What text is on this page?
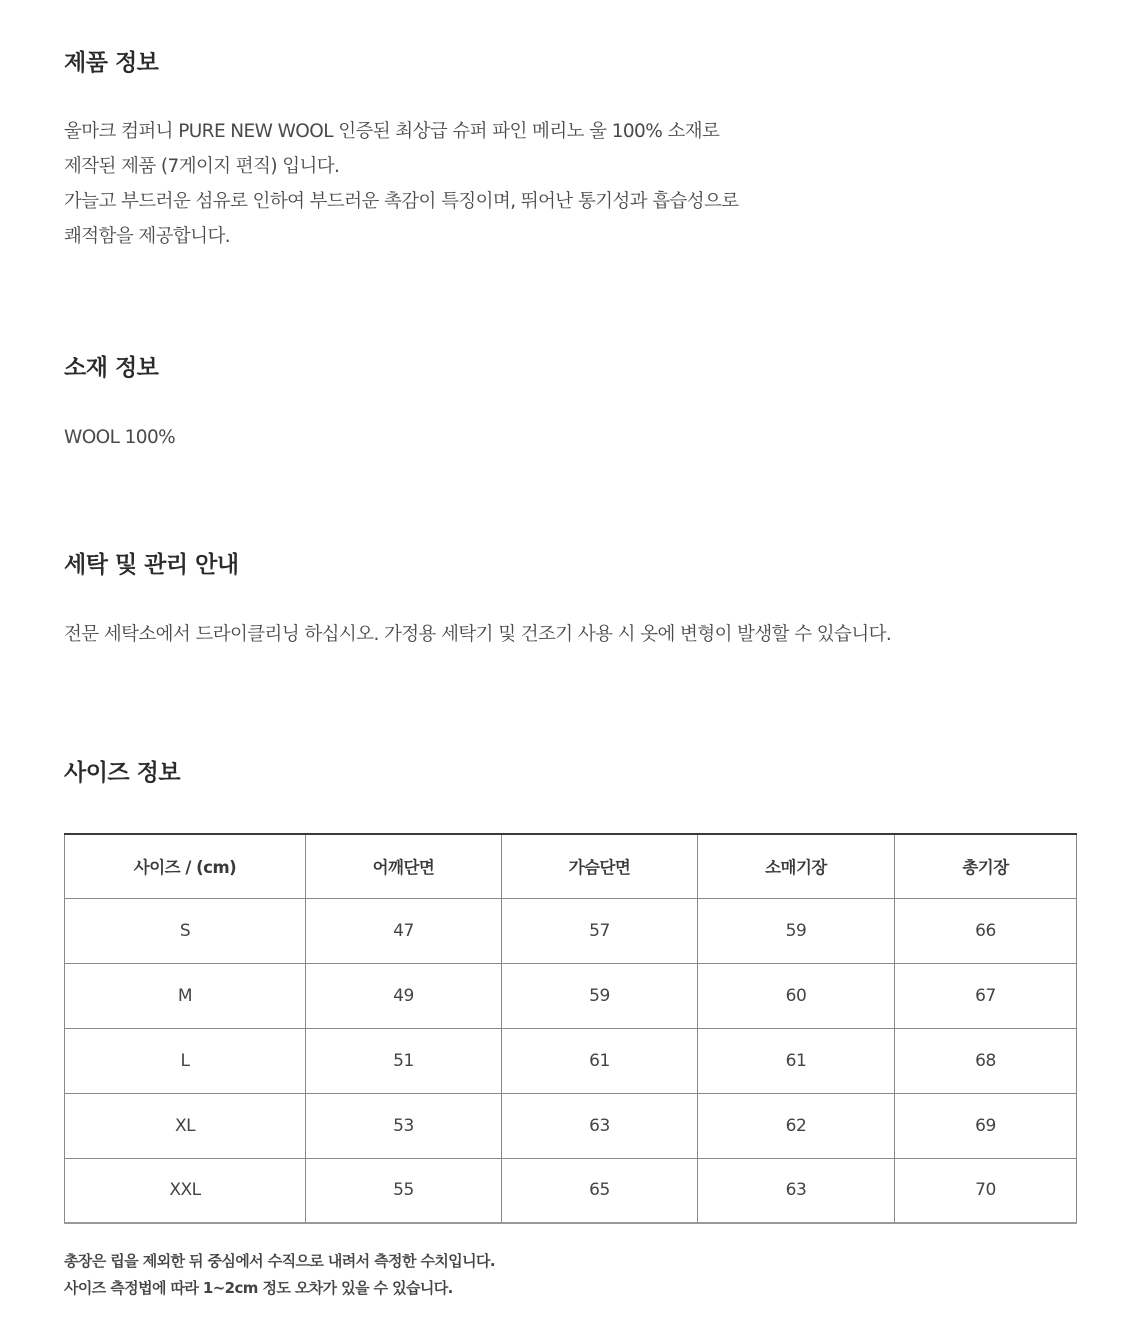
제품 정보

울마크 컴퍼니 PURE NEW WOOL 인증된 최상급 슈퍼 파인 메리노 울 100% 소재로
제작된 제품 (7게이지 편직) 입니다.
가늘고 부드러운 섬유로 인하여 부드러운 촉감이 특징이며, 뛰어난 통기성과 흡습성으로
쾌적함을 제공합니다.

소재 정보

WOOL 100%

세탁 및 관리 안내

전문 세탁소에서 드라이클리닝 하십시오. 가정용 세탁기 및 건조기 사용 시 옷에 변형이 발생할 수 있습니다.

사이즈 정보
사이즈 / (cm)	어깨단면	가슴단면	소매기장	총기장
S	47	57	59	66
M	49	59	60	67
L	51	61	61	68
XL	53	63	62	69
XXL	55	65	63	70
총장은 립을 제외한 뒤 중심에서 수직으로 내려서 측정한 수치입니다.
사이즈 측정법에 따라 1~2cm 정도 오차가 있을 수 있습니다.
